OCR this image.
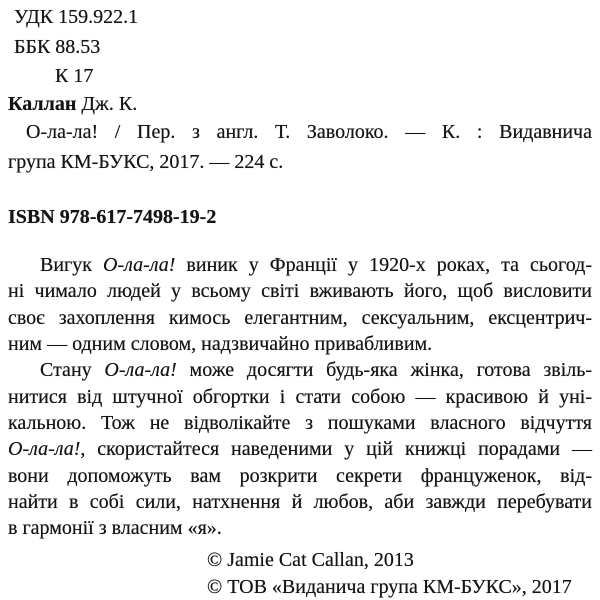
УДК 159.922.1
ББК 88.53
К 17
Каллан Дж. К.
О-ла-ла! / Пер. з англ. Т. Заволоко. — К. : Видавнича
група КМ-БУКС, 2017. — 224 с.
ISBN 978-617-7498-19-2
Вигук О-ла-ла! виник у Франції у 1920-х роках, та сьогод-
ні чимало людей у всьому світі вживають його, щоб висловити
своє захоплення кимось елегантним, сексуальним, ексцентрич-
ним — одним словом, надзвичайно привабливим.
Стану О-ла-ла! може досягти будь-яка жінка, готова звіль-
нитися від штучної обгортки і стати собою — красивою й уні-
кальною. Тож не відволікайте з пошуками власного відчуття
О-ла-ла!, скористайтеся наведеними у цій книжці порадами —
вони допоможуть вам розкрити секрети француженок, від-
найти в собі сили, натхнення й любов, аби завжди перебувати
в гармонії з власним «я».
© Jamie Cat Callan, 2013
© ТОВ «Виданича група КМ-БУКС», 2017
